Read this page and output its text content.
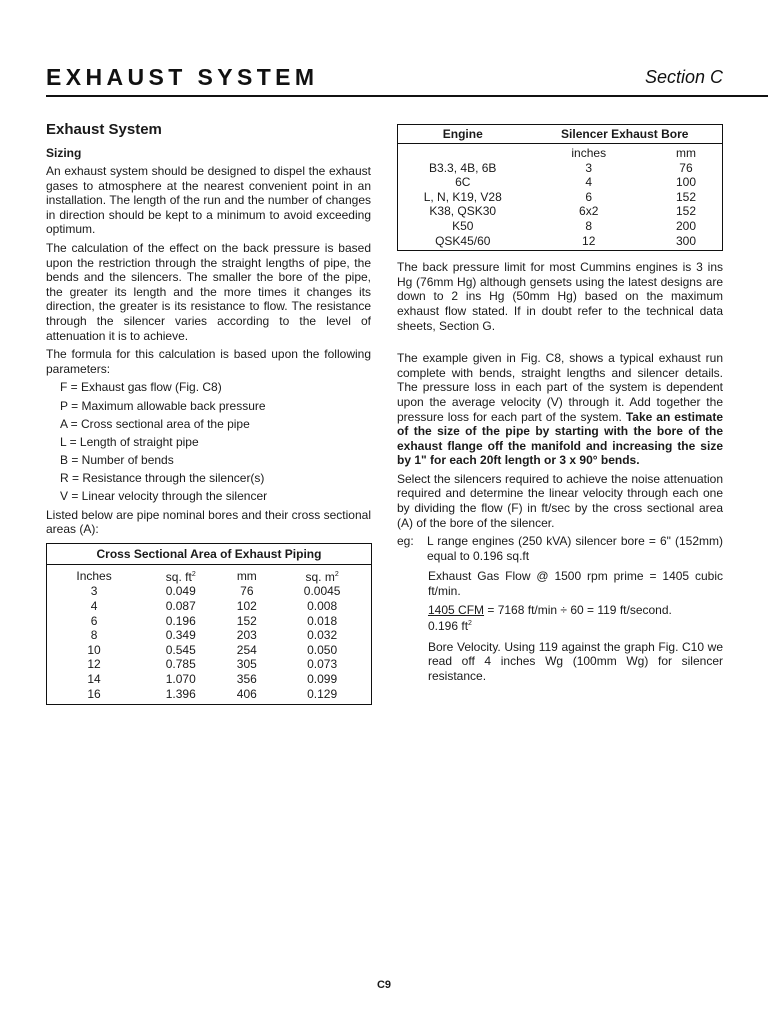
EXHAUST SYSTEM	Section C
Exhaust System
Sizing

An exhaust system should be designed to dispel the exhaust gases to atmosphere at the nearest convenient point in an installation. The length of the run and the number of changes in direction should be kept to a minimum to avoid exceeding optimum.

The calculation of the effect on the back pressure is based upon the restriction through the straight lengths of pipe, the bends and the silencers. The smaller the bore of the pipe, the greater its length and the more times it changes its direction, the greater is its resistance to flow. The resistance through the silencer varies according to the level of attenuation it is to achieve.

The formula for this calculation is based upon the following parameters:

F = Exhaust gas flow (Fig. C8)
P = Maximum allowable back pressure
A = Cross sectional area of the pipe
L = Length of straight pipe
B = Number of bends
R = Resistance through the silencer(s)
V = Linear velocity through the silencer

Listed below are pipe nominal bores and their cross sectional areas (A):

Cross Sectional Area of Exhaust Piping			
Inches	sq. $ft^2$	mm	sq. $m^2$
3	0.049	76	0.0045
4	0.087	102	0.008
6	0.196	152	0.018
8	0.349	203	0.032
10	0.545	254	0.050
12	0.785	305	0.073
14	1.070	356	0.099
16	1.396	406	0.129
Engine	Silencer Exhaust Bore	
	inches	mm
B3.3, 4B, 6B	3	76
6C	4	100
L, N, K19, V28	6	152
K38, QSK30	6x2	152
K50	8	200
QSK45/60	12	300

The back pressure limit for most Cummins engines is 3 ins Hg (76mm Hg) although gensets using the latest designs are down to 2 ins Hg (50mm Hg) based on the maximum exhaust flow stated. If in doubt refer to the technical data sheets, Section G.

The example given in Fig. C8, shows a typical exhaust run complete with bends, straight lengths and silencer details. The pressure loss in each part of the system is dependent upon the average velocity (V) through it. Add together the pressure loss for each part of the system. Take an estimate of the size of the pipe by starting with the bore of the exhaust flange off the manifold and increasing the size by 1" for each 20ft length or 3 x 90° bends.

Select the silencers required to achieve the noise attenuation required and determine the linear velocity through each one by dividing the flow (F) in ft/sec by the cross sectional area (A) of the bore of the silencer.

eg:	L range engines (250 kVA) silencer bore = 6" (152mm) equal to 0.196 sq.ft

Exhaust Gas Flow @ 1500 rpm prime = 1405 cubic ft/min.

1405 CFM = 7168 ft/min ÷ 60 = 119 ft/second.
0.196 $ft^2$

Bore Velocity. Using 119 against the graph Fig. C10 we read off 4 inches Wg (100mm Wg) for silencer resistance.

C9
